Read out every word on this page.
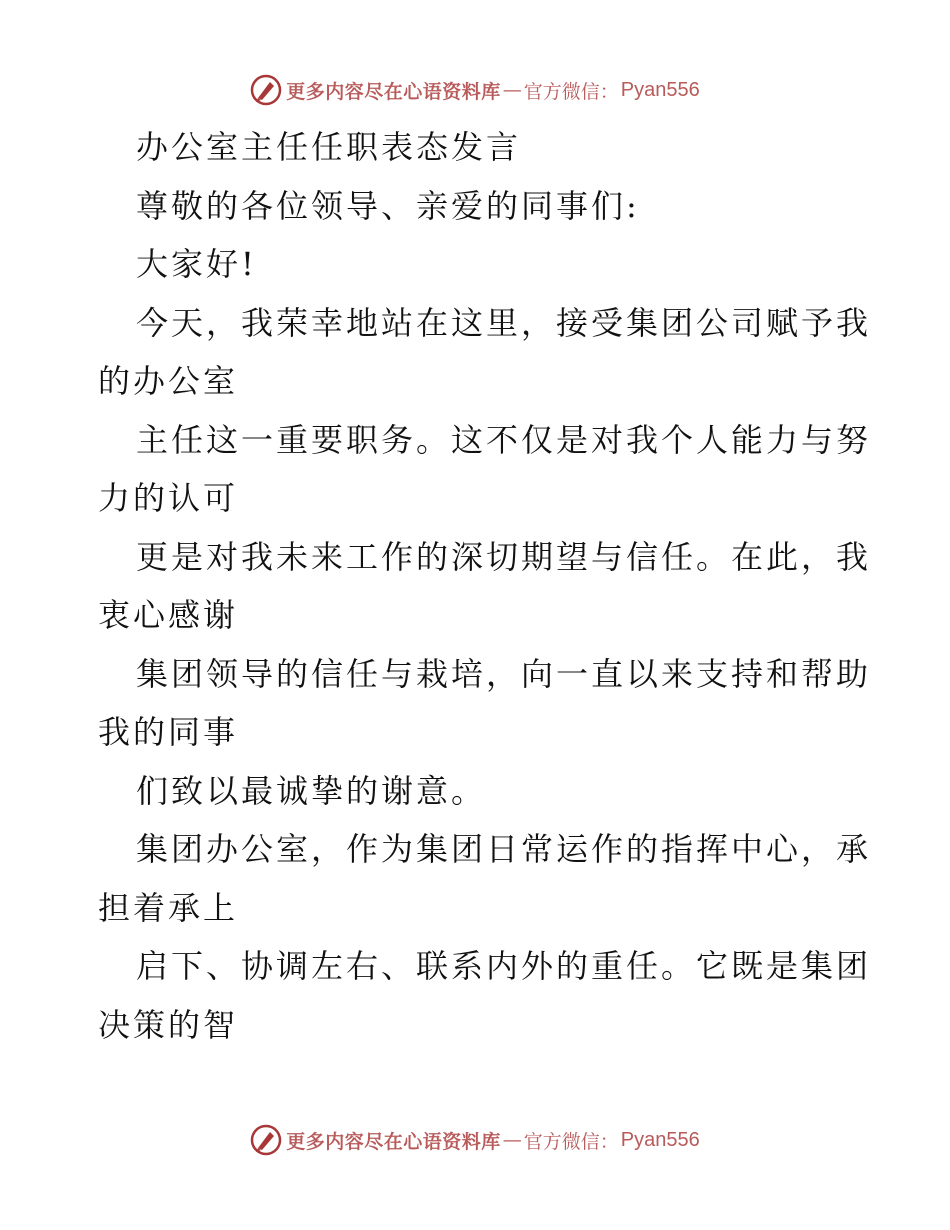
更多内容尽在心语资料库 — 官方微信： Pyan556
办公室主任任职表态发言
尊敬的各位领导、亲爱的同事们:
大家好!
今天，我荣幸地站在这里，接受集团公司赋予我
的办公室
主任这一重要职务。这不仅是对我个人能力与努
力的认可
更是对我未来工作的深切期望与信任。在此，我
衷心感谢
集团领导的信任与栽培，向一直以来支持和帮助
我的同事
们致以最诚挚的谢意。
集团办公室，作为集团日常运作的指挥中心，承
担着承上
启下、协调左右、联系内外的重任。它既是集团
决策的智
更多内容尽在心语资料库 — 官方微信： Pyan556
